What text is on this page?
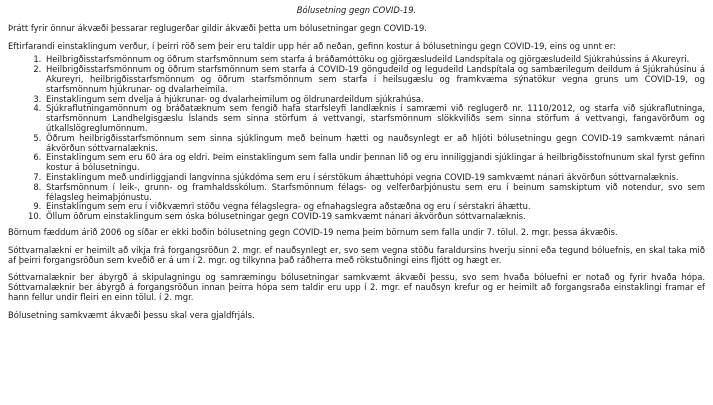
Bólusetning gegn COVID-19.

Þrátt fyrir önnur ákvæði þessarar reglugerðar gildir ákvæði þetta um bólusetningar gegn COVID-19.

Eftirfarandi einstaklingum verður, í þeirri röð sem þeir eru taldir upp hér að neðan, gefinn kostur á bólusetningu gegn COVID-19, eins og unnt er:

1. Heilbrigðisstarfsmönnum og öðrum starfsmönnum sem starfa á bráðamóttöku og gjörgæsludeild Landspítala og gjörgæsludeild Sjúkrahússins á Akureyri.
2. Heilbrigðisstarfsmönnum og öðrum starfsmönnum sem starfa á COVID-19 göngudeild og legudeild Landspítala og sambærilegum deildum á Sjúkrahúsinu á Akureyri, heilbrigðisstarfsmönnum og öðrum starfsmönnum sem starfa í heilsugæslu og framkvæma sýnatökur vegna gruns um COVID-19, og starfsmönnum hjúkrunar- og dvalarheimila.
3. Einstaklingum sem dvelja á hjúkrunar- og dvalarheimilum og öldrunardeildum sjúkrahúsa.
4. Sjúkraflutningamönnum og bráðatæknum sem fengið hafa starfsleyfi landlæknis í samræmi við reglugerð nr. 1110/2012, og starfa við sjúkraflutninga, starfsmönnum Landhelgisgæslu Íslands sem sinna störfum á vettvangi, starfsmönnum slökkviliðs sem sinna störfum á vettvangi, fangavörðum og útkallslögreglumönnum.
5. Öðrum heilbrigðisstarfsmönnum sem sinna sjúklingum með beinum hætti og nauðsynlegt er að hljóti bólusetningu gegn COVID-19 samkvæmt nánari ákvörðun sóttvarnalæknis.
6. Einstaklingum sem eru 60 ára og eldri. Þeim einstaklingum sem falla undir þennan lið og eru inniliggjandi sjúklingar á heilbrigðisstofnunum skal fyrst gefinn kostur á bólusetningu.
7. Einstaklingum með undirliggjandi langvinna sjúkdóma sem eru í sérstökum áhættuhópi vegna COVID-19 samkvæmt nánari ákvörðun sóttvarnalæknis.
8. Starfsmönnum í leik-, grunn- og framhaldsskólum. Starfsmönnum félags- og velferðarþjónustu sem eru í beinum samskiptum við notendur, svo sem félagsleg heimaþjónustu.
9. Einstaklingum sem eru í viðkvæmri stöðu vegna félagslegra- og efnahagslegra aðstæðna og eru í sérstakri áhættu.
10. Öllum öðrum einstaklingum sem óska bólusetningar gegn COVID-19 samkvæmt nánari ákvörðun sóttvarnalæknis.

Börnum fæddum árið 2006 og síðar er ekki boðin bólusetning gegn COVID-19 nema þeim börnum sem falla undir 7. tölul. 2. mgr. þessa ákvæðis.

Sóttvarnalækni er heimilt að víkja frá forgangsröðun 2. mgr. ef nauðsynlegt er, svo sem vegna stöðu faraldursins hverju sinni eða tegund bóluefnis, en skal taka mið af þeirri forgangsröðun sem kveðið er á um í 2. mgr. og tilkynna það ráðherra með rökstuðningi eins fljótt og hægt er.

Sóttvarnalæknir ber ábyrgð á skipulagningu og samræmingu bólusetningar samkvæmt ákvæði þessu, svo sem hvaða bóluefni er notað og fyrir hvaða hópa. Sóttvarnalæknir ber ábyrgð á forgangsröðun innan þeirra hópa sem taldir eru upp í 2. mgr. ef nauðsyn krefur og er heimilt að forgangsraða einstaklingi framar ef hann fellur undir fleiri en einn tölul. í 2. mgr.

Bólusetning samkvæmt ákvæði þessu skal vera gjaldfrjáls.
